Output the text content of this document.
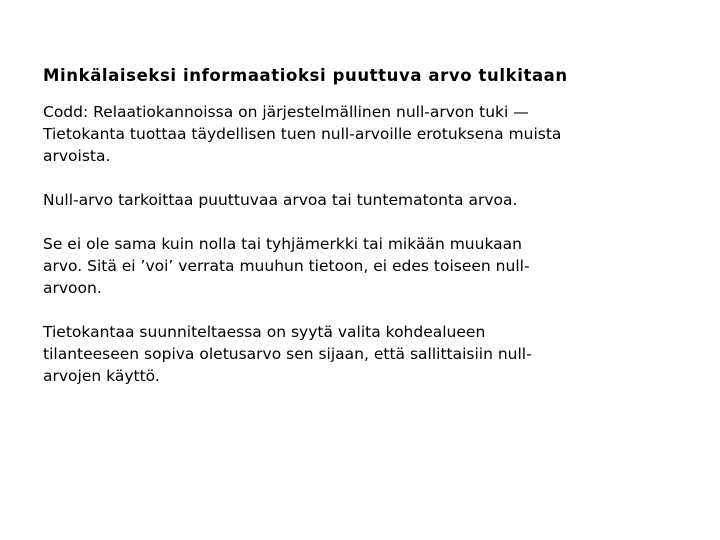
Minkälaiseksi informaatioksi puuttuva arvo tulkitaan
Codd: Relaatiokannoissa on järjestelmällinen null-arvon tuki —
Tietokanta tuottaa täydellisen tuen null-arvoille erotuksena muista
arvoista.
Null-arvo tarkoittaa puuttuvaa arvoa tai tuntematonta arvoa.
Se ei ole sama kuin nolla tai tyhjämerkki tai mikään muukaan
arvo. Sitä ei ’voi’ verrata muuhun tietoon, ei edes toiseen null-
arvoon.
Tietokantaa suunniteltaessa on syytä valita kohdealueen
tilanteeseen sopiva oletusarvo sen sijaan, että sallittaisiin null-
arvojen käyttö.
